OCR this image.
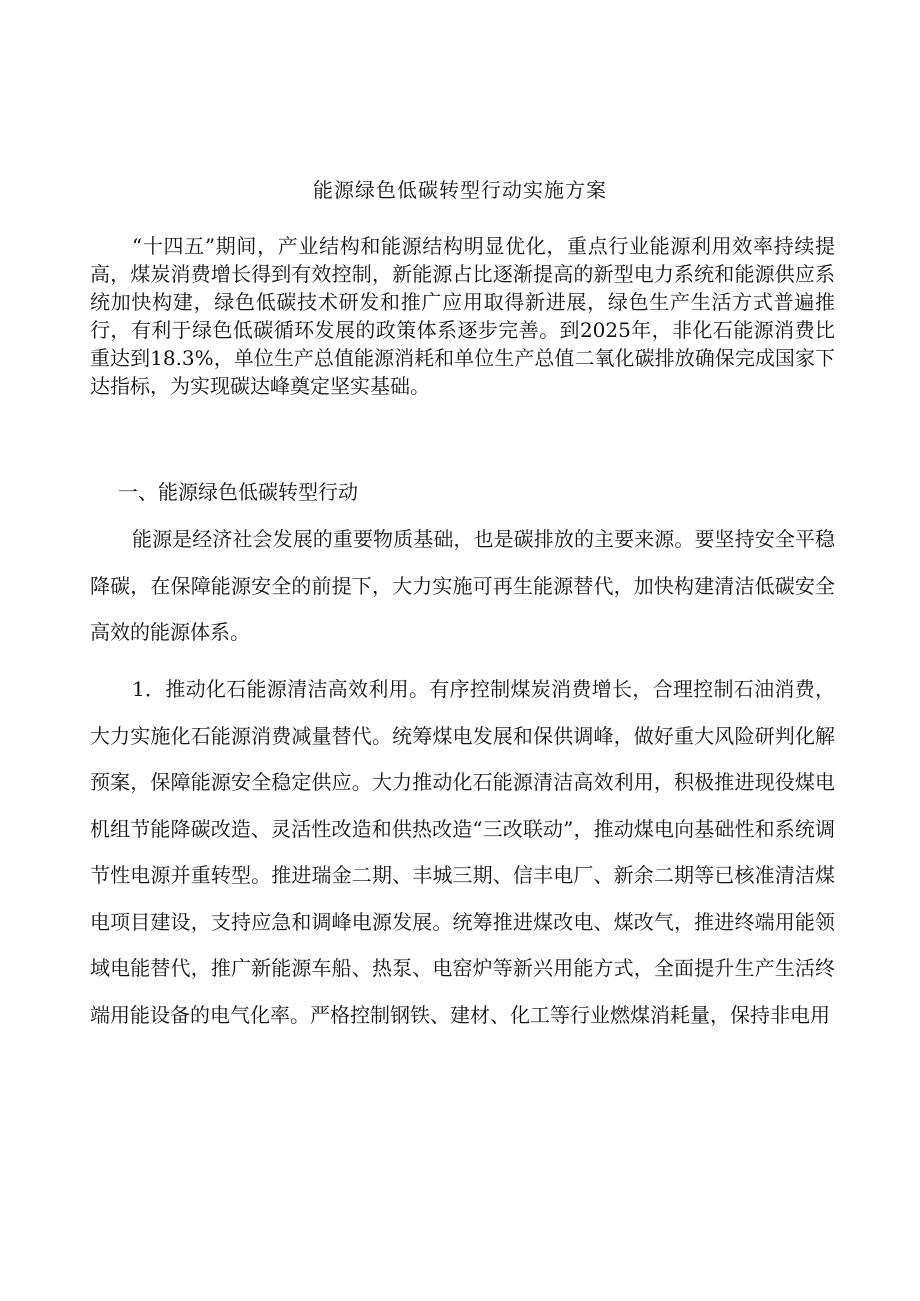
能源绿色低碳转型行动实施方案

“十四五”期间，产业结构和能源结构明显优化，重点行业能源利用效率持续提高，煤炭消费增长得到有效控制，新能源占比逐渐提高的新型电力系统和能源供应系统加快构建，绿色低碳技术研发和推广应用取得新进展，绿色生产生活方式普遍推行，有利于绿色低碳循环发展的政策体系逐步完善。到2025年，非化石能源消费比重达到18.3%，单位生产总值能源消耗和单位生产总值二氧化碳排放确保完成国家下达指标，为实现碳达峰奠定坚实基础。

一、能源绿色低碳转型行动

能源是经济社会发展的重要物质基础，也是碳排放的主要来源。要坚持安全平稳降碳，在保障能源安全的前提下，大力实施可再生能源替代，加快构建清洁低碳安全高效的能源体系。

1．推动化石能源清洁高效利用。有序控制煤炭消费增长，合理控制石油消费，大力实施化石能源消费减量替代。统筹煤电发展和保供调峰，做好重大风险研判化解预案，保障能源安全稳定供应。大力推动化石能源清洁高效利用，积极推进现役煤电机组节能降碳改造、灵活性改造和供热改造“三改联动”，推动煤电向基础性和系统调节性电源并重转型。推进瑞金二期、丰城三期、信丰电厂、新余二期等已核准清洁煤电项目建设，支持应急和调峰电源发展。统筹推进煤改电、煤改气，推进终端用能领域电能替代，推广新能源车船、热泵、电窑炉等新兴用能方式，全面提升生产生活终端用能设备的电气化率。严格控制钢铁、建材、化工等行业燃煤消耗量，保持非电用
